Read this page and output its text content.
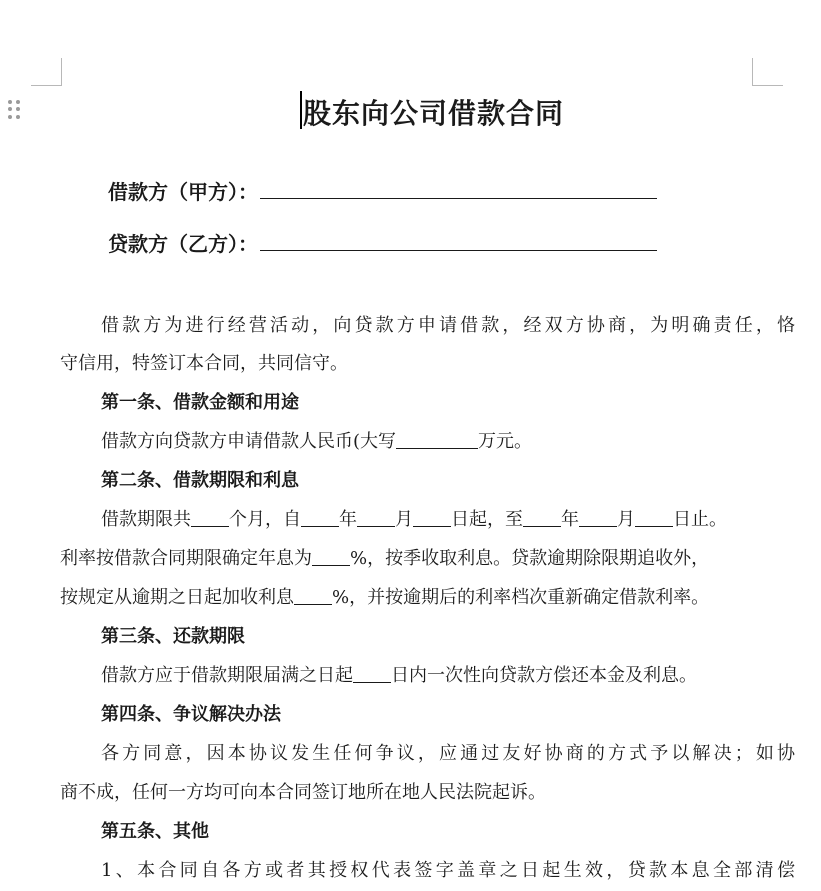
股东向公司借款合同
借款方（甲方）：
贷款方（乙方）：
借款方为进行经营活动，向贷款方申请借款，经双方协商，为明确责任，恪
守信用，特签订本合同，共同信守。
第一条、借款金额和用途
借款方向贷款方申请借款人民币(大写	万元。
第二条、借款期限和利息
借款期限共 个月，自 年 月 日起，至 年 月 日止。
利率按借款合同期限确定年息为 %，按季收取利息。贷款逾期除限期追收外，
按规定从逾期之日起加收利息 %，并按逾期后的利率档次重新确定借款利率。
第三条、还款期限
借款方应于借款期限届满之日起 日内一次性向贷款方偿还本金及利息。
第四条、争议解决办法
各方同意，因本协议发生任何争议，应通过友好协商的方式予以解决；如协
商不成，任何一方均可向本合同签订地所在地人民法院起诉。
第五条、其他
1、本合同自各方或者其授权代表签字盖章之日起生效，贷款本息全部清偿
